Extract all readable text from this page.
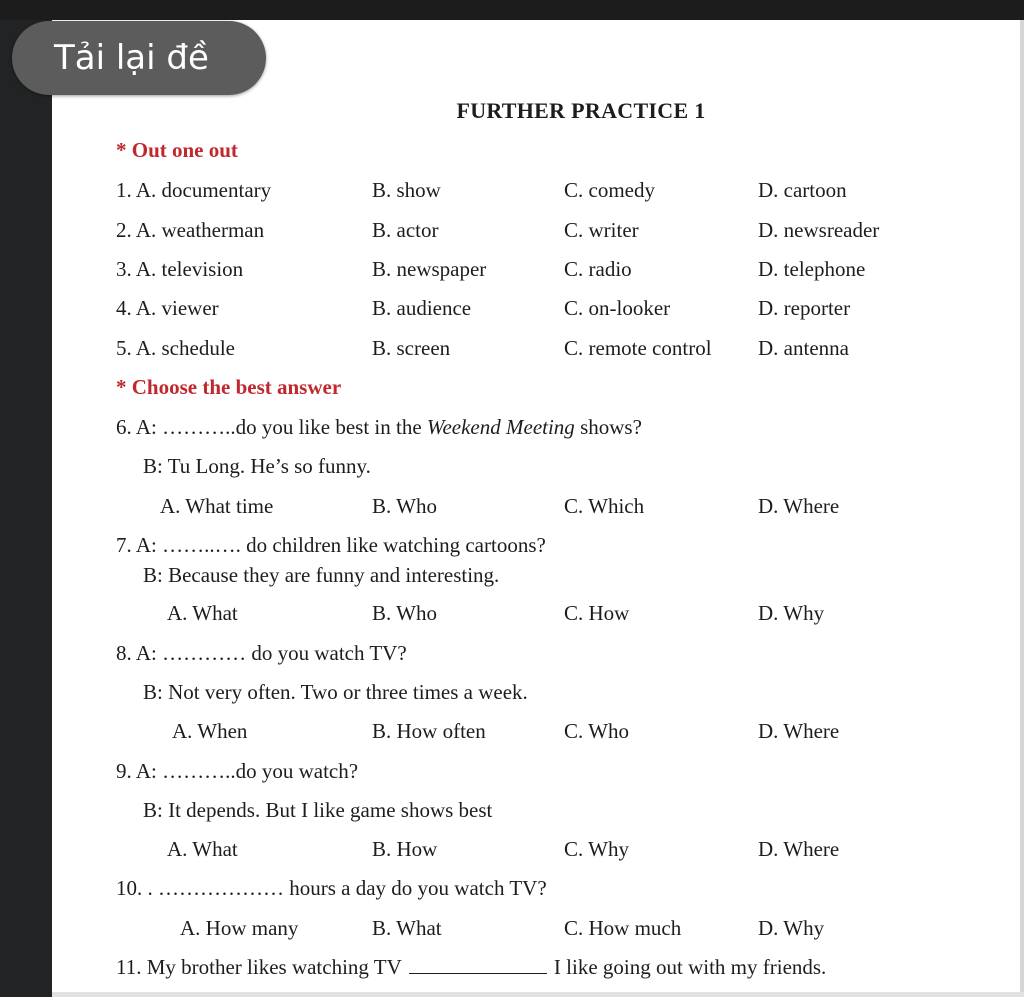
FURTHER PRACTICE 1
* Out one out
1. A. documentary	B. show	C. comedy	D. cartoon
2. A. weatherman	B. actor	C. writer	D. newsreader
3. A. television	B. newspaper	C. radio	D. telephone
4. A. viewer	B. audience	C. on-looker	D. reporter
5. A. schedule	B. screen	C. remote control D. antenna
* Choose the best answer
6. A: ………..do you like best in the Weekend Meeting shows?
B: Tu Long. He’s so funny.
A. What time	B. Who	C. Which	D. Where
7. A: ……..…. do children like watching cartoons?
B: Because they are funny and interesting.
A. What	B. Who	C. How	D. Why
8. A: ………… do you watch TV?
B: Not very often. Two or three times a week.
A. When	B. How often	C. Who	D. Where
9. A: ………..do you watch?
B: It depends. But I like game shows best
A. What	B. How	C. Why	D. Where
10. . ……………… hours a day do you watch TV?
A. How many	B. What	C. How much	D. Why
11. My brother likes watching TV	I like going out with my friends.
Tải lại đề
